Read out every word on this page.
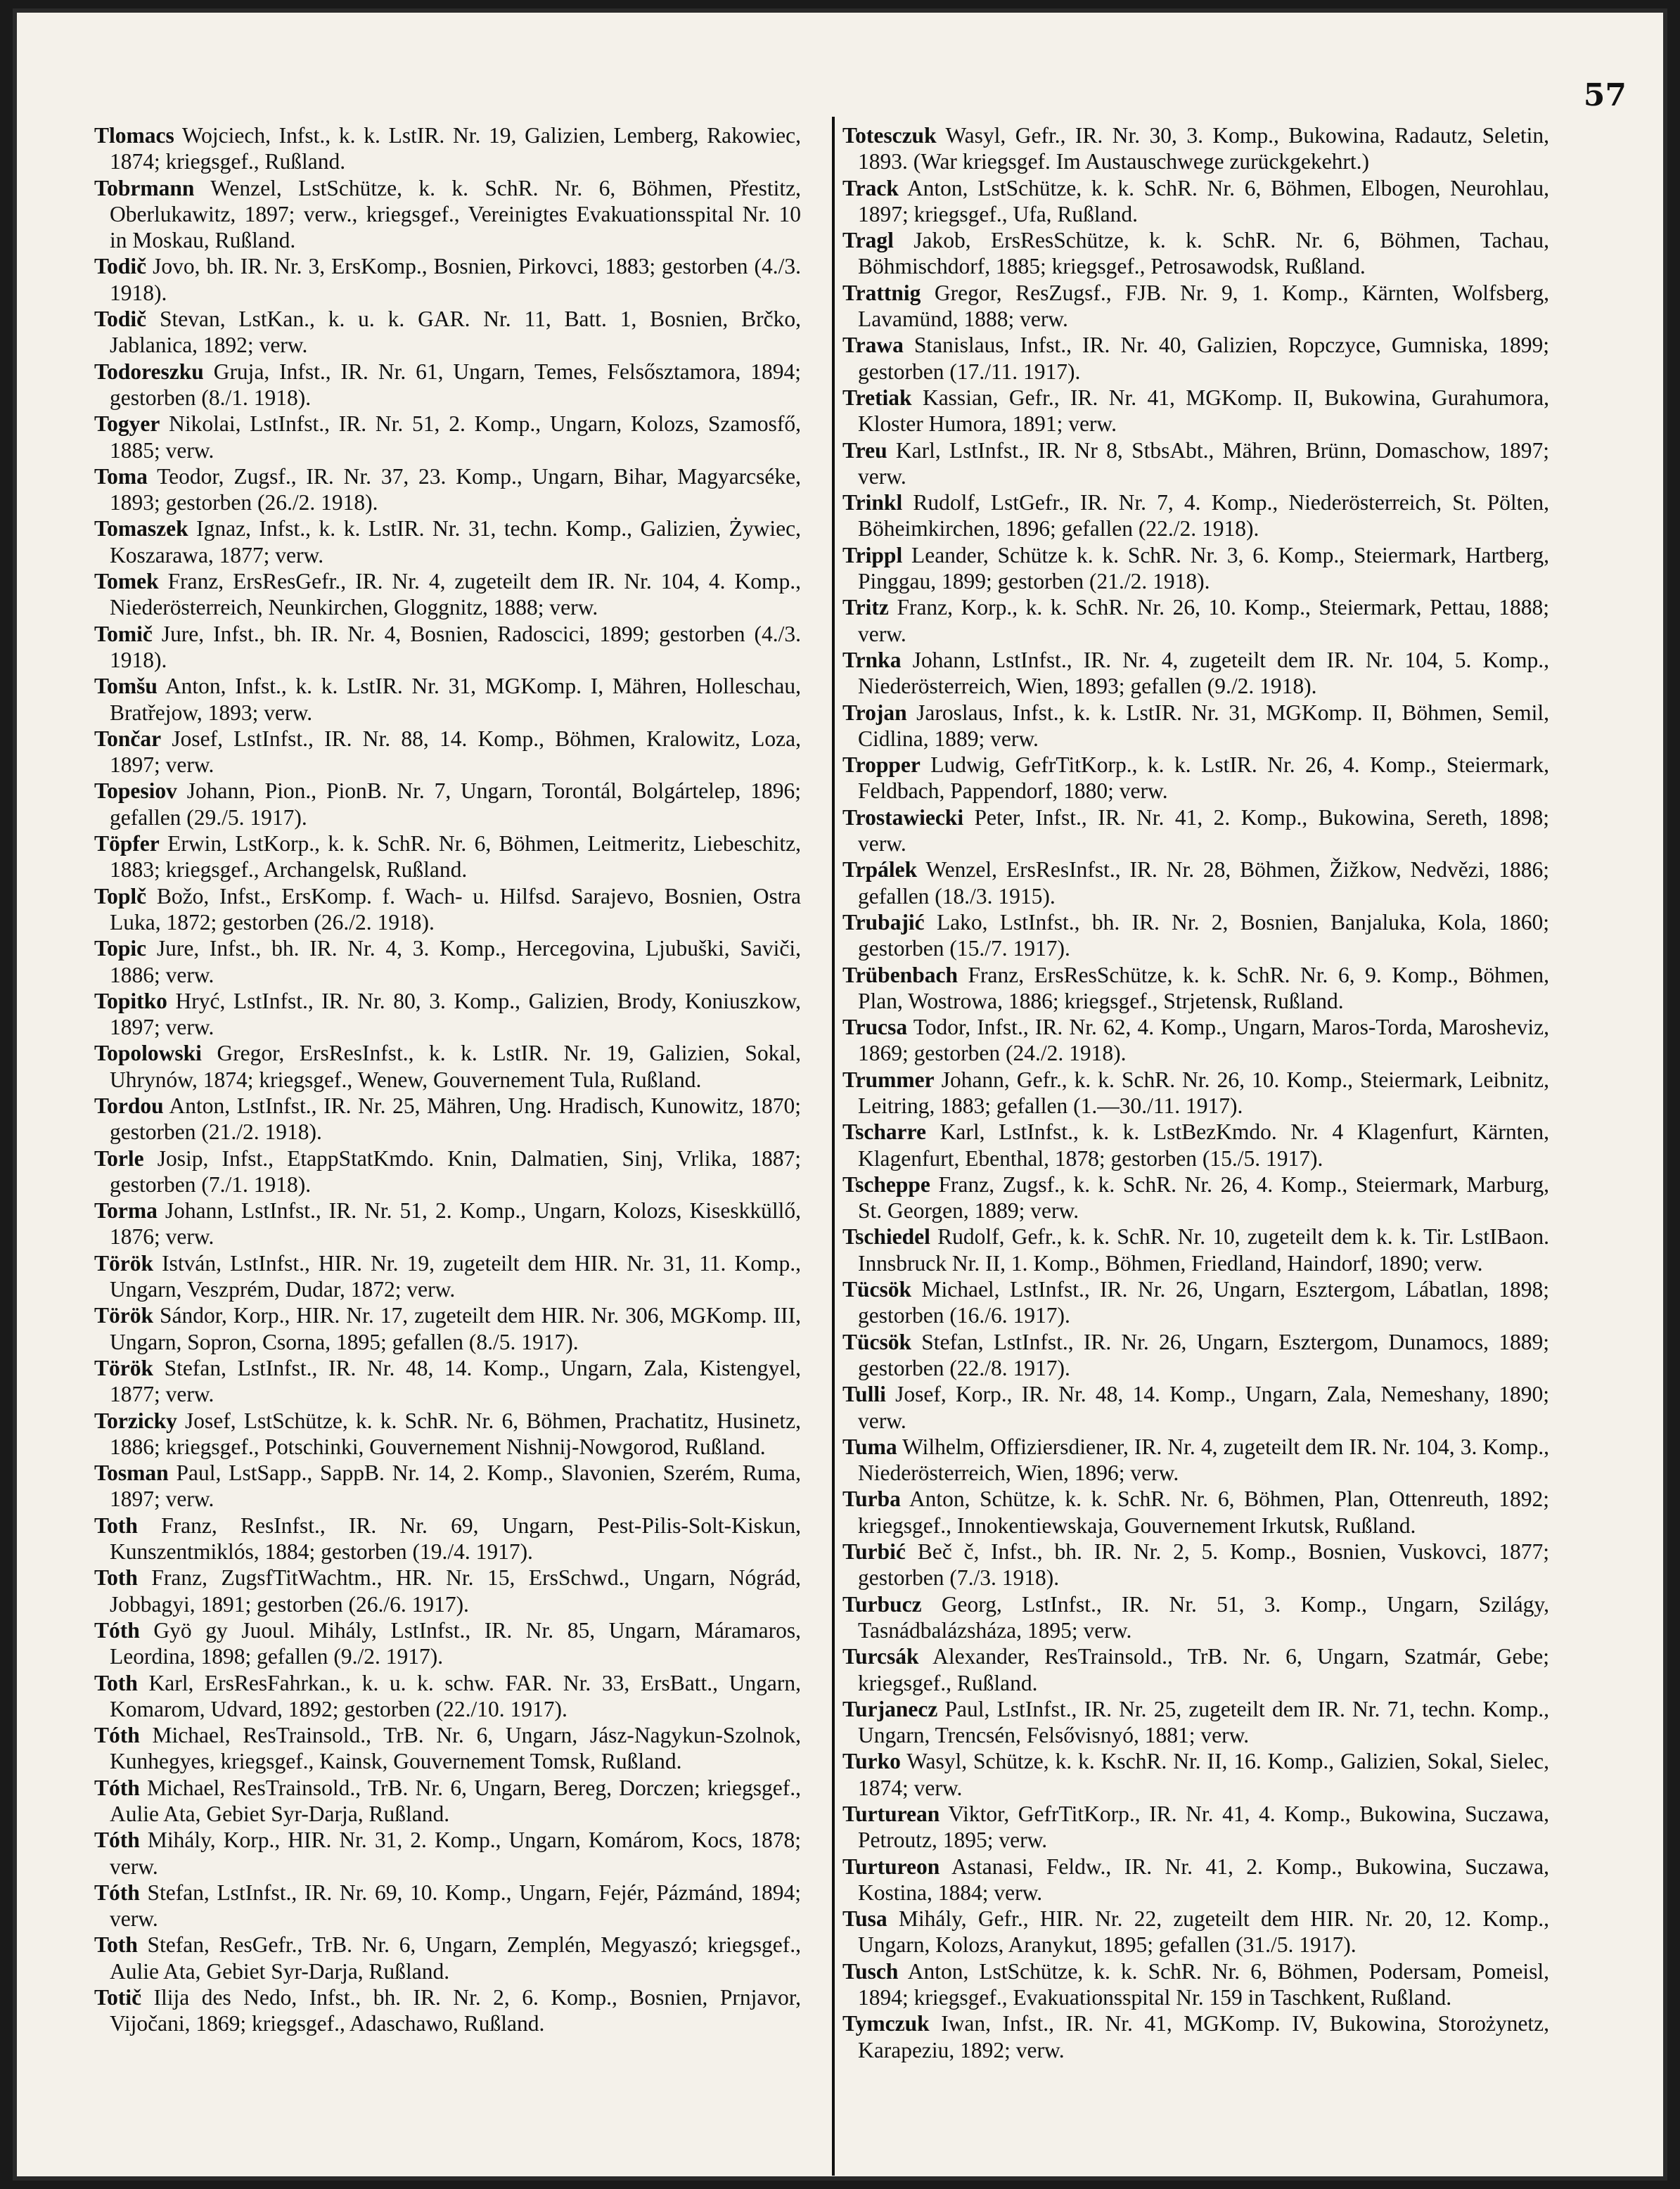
57

Tlomacs Wojciech, Infst., k. k. LstIR. Nr. 19, Galizien, Lemberg, Rakowiec, 1874; kriegsgef., Rußland.

Tobrmann Wenzel, LstSchütze, k. k. SchR. Nr. 6, Böhmen, Přestitz, Oberlukawitz, 1897; verw., kriegsgef., Vereinigtes Evakuationsspital Nr. 10 in Moskau, Rußland.

Todič Jovo, bh. IR. Nr. 3, ErsKomp., Bosnien, Pirkovci, 1883; gestorben (4./3. 1918).

Todič Stevan, LstKan., k. u. k. GAR. Nr. 11, Batt. 1, Bosnien, Brčko, Jablanica, 1892; verw.

Todoreszku Gruja, Infst., IR. Nr. 61, Ungarn, Temes, Felsősztamora, 1894; gestorben (8./1. 1918).

Togyer Nikolai, LstInfst., IR. Nr. 51, 2. Komp., Ungarn, Kolozs, Szamosfő, 1885; verw.

Toma Teodor, Zugsf., IR. Nr. 37, 23. Komp., Ungarn, Bihar, Magyarcséke, 1893; gestorben (26./2. 1918).

Tomaszek Ignaz, Infst., k. k. LstIR. Nr. 31, techn. Komp., Galizien, Żywiec, Koszarawa, 1877; verw.

Tomek Franz, ErsResGefr., IR. Nr. 4, zugeteilt dem IR. Nr. 104, 4. Komp., Niederösterreich, Neunkirchen, Gloggnitz, 1888; verw.

Tomič Jure, Infst., bh. IR. Nr. 4, Bosnien, Radoscici, 1899; gestorben (4./3. 1918).

Tomšu Anton, Infst., k. k. LstIR. Nr. 31, MGKomp. I, Mähren, Holleschau, Bratřejow, 1893; verw.

Tončar Josef, LstInfst., IR. Nr. 88, 14. Komp., Böhmen, Kralowitz, Loza, 1897; verw.

Topesiov Johann, Pion., PionB. Nr. 7, Ungarn, Torontál, Bolgártelep, 1896; gefallen (29./5. 1917).

Töpfer Erwin, LstKorp., k. k. SchR. Nr. 6, Böhmen, Leitmeritz, Liebeschitz, 1883; kriegsgef., Archangelsk, Rußland.

Toplč Božo, Infst., ErsKomp. f. Wach- u. Hilfsd. Sarajevo, Bosnien, Ostra Luka, 1872; gestorben (26./2. 1918).

Topic Jure, Infst., bh. IR. Nr. 4, 3. Komp., Hercegovina, Ljubuški, Saviči, 1886; verw.

Topitko Hryć, LstInfst., IR. Nr. 80, 3. Komp., Galizien, Brody, Koniuszkow, 1897; verw.

Topolowski Gregor, ErsResInfst., k. k. LstIR. Nr. 19, Galizien, Sokal, Uhrynów, 1874; kriegsgef., Wenew, Gouvernement Tula, Rußland.

Tordou Anton, LstInfst., IR. Nr. 25, Mähren, Ung. Hradisch, Kunowitz, 1870; gestorben (21./2. 1918).

Torle Josip, Infst., EtappStatKmdo. Knin, Dalmatien, Sinj, Vrlika, 1887; gestorben (7./1. 1918).

Torma Johann, LstInfst., IR. Nr. 51, 2. Komp., Ungarn, Kolozs, Kiseskküllő, 1876; verw.

Török István, LstInfst., HIR. Nr. 19, zugeteilt dem HIR. Nr. 31, 11. Komp., Ungarn, Veszprém, Dudar, 1872; verw.

Török Sándor, Korp., HIR. Nr. 17, zugeteilt dem HIR. Nr. 306, MGKomp. III, Ungarn, Sopron, Csorna, 1895; gefallen (8./5. 1917).

Török Stefan, LstInfst., IR. Nr. 48, 14. Komp., Ungarn, Zala, Kistengyel, 1877; verw.

Torzicky Josef, LstSchütze, k. k. SchR. Nr. 6, Böhmen, Prachatitz, Husinetz, 1886; kriegsgef., Potschinki, Gouvernement Nishnij-Nowgorod, Rußland.

Tosman Paul, LstSapp., SappB. Nr. 14, 2. Komp., Slavonien, Szerém, Ruma, 1897; verw.

Toth Franz, ResInfst., IR. Nr. 69, Ungarn, Pest-Pilis-Solt-Kiskun, Kunszentmiklós, 1884; gestorben (19./4. 1917).

Toth Franz, ZugsfTitWachtm., HR. Nr. 15, ErsSchwd., Ungarn, Nógrád, Jobbagyi, 1891; gestorben (26./6. 1917).

Tóth Gyö gy Juoul. Mihály, LstInfst., IR. Nr. 85, Ungarn, Máramaros, Leordina, 1898; gefallen (9./2. 1917).

Toth Karl, ErsResFahrkan., k. u. k. schw. FAR. Nr. 33, ErsBatt., Ungarn, Komarom, Udvard, 1892; gestorben (22./10. 1917).

Tóth Michael, ResTrainsold., TrB. Nr. 6, Ungarn, Jász-Nagykun-Szolnok, Kunhegyes, kriegsgef., Kainsk, Gouvernement Tomsk, Rußland.

Tóth Michael, ResTrainsold., TrB. Nr. 6, Ungarn, Bereg, Dorczen; kriegsgef., Aulie Ata, Gebiet Syr-Darja, Rußland.

Tóth Mihály, Korp., HIR. Nr. 31, 2. Komp., Ungarn, Komárom, Kocs, 1878; verw.

Tóth Stefan, LstInfst., IR. Nr. 69, 10. Komp., Ungarn, Fejér, Pázmánd, 1894; verw.

Toth Stefan, ResGefr., TrB. Nr. 6, Ungarn, Zemplén, Megyaszó; kriegsgef., Aulie Ata, Gebiet Syr-Darja, Rußland.

Totič Ilija des Nedo, Infst., bh. IR. Nr. 2, 6. Komp., Bosnien, Prnjavor, Vijočani, 1869; kriegsgef., Adaschawo, Rußland.

Totesczuk Wasyl, Gefr., IR. Nr. 30, 3. Komp., Bukowina, Radautz, Seletin, 1893. (War kriegsgef. Im Austauschwege zurückgekehrt.)

Track Anton, LstSchütze, k. k. SchR. Nr. 6, Böhmen, Elbogen, Neurohlau, 1897; kriegsgef., Ufa, Rußland.

Tragl Jakob, ErsResSchütze, k. k. SchR. Nr. 6, Böhmen, Tachau, Böhmischdorf, 1885; kriegsgef., Petrosawodsk, Rußland.

Trattnig Gregor, ResZugsf., FJB. Nr. 9, 1. Komp., Kärnten, Wolfsberg, Lavamünd, 1888; verw.

Trawa Stanislaus, Infst., IR. Nr. 40, Galizien, Ropczyce, Gumniska, 1899; gestorben (17./11. 1917).

Tretiak Kassian, Gefr., IR. Nr. 41, MGKomp. II, Bukowina, Gurahumora, Kloster Humora, 1891; verw.

Treu Karl, LstInfst., IR. Nr 8, StbsAbt., Mähren, Brünn, Domaschow, 1897; verw.

Trinkl Rudolf, LstGefr., IR. Nr. 7, 4. Komp., Niederösterreich, St. Pölten, Böheimkirchen, 1896; gefallen (22./2. 1918).

Trippl Leander, Schütze k. k. SchR. Nr. 3, 6. Komp., Steiermark, Hartberg, Pinggau, 1899; gestorben (21./2. 1918).

Tritz Franz, Korp., k. k. SchR. Nr. 26, 10. Komp., Steiermark, Pettau, 1888; verw.

Trnka Johann, LstInfst., IR. Nr. 4, zugeteilt dem IR. Nr. 104, 5. Komp., Niederösterreich, Wien, 1893; gefallen (9./2. 1918).

Trojan Jaroslaus, Infst., k. k. LstIR. Nr. 31, MGKomp. II, Böhmen, Semil, Cidlina, 1889; verw.

Tropper Ludwig, GefrTitKorp., k. k. LstIR. Nr. 26, 4. Komp., Steiermark, Feldbach, Pappendorf, 1880; verw.

Trostawiecki Peter, Infst., IR. Nr. 41, 2. Komp., Bukowina, Sereth, 1898; verw.

Trpálek Wenzel, ErsResInfst., IR. Nr. 28, Böhmen, Žižkow, Nedvězi, 1886; gefallen (18./3. 1915).

Trubajić Lako, LstInfst., bh. IR. Nr. 2, Bosnien, Banjaluka, Kola, 1860; gestorben (15./7. 1917).

Trübenbach Franz, ErsResSchütze, k. k. SchR. Nr. 6, 9. Komp., Böhmen, Plan, Wostrowa, 1886; kriegsgef., Strjetensk, Rußland.

Trucsa Todor, Infst., IR. Nr. 62, 4. Komp., Ungarn, Maros-Torda, Marosheviz, 1869; gestorben (24./2. 1918).

Trummer Johann, Gefr., k. k. SchR. Nr. 26, 10. Komp., Steiermark, Leibnitz, Leitring, 1883; gefallen (1.—30./11. 1917).

Tscharre Karl, LstInfst., k. k. LstBezKmdo. Nr. 4 Klagenfurt, Kärnten, Klagenfurt, Ebenthal, 1878; gestorben (15./5. 1917).

Tscheppe Franz, Zugsf., k. k. SchR. Nr. 26, 4. Komp., Steiermark, Marburg, St. Georgen, 1889; verw.

Tschiedel Rudolf, Gefr., k. k. SchR. Nr. 10, zugeteilt dem k. k. Tir. LstIBaon. Innsbruck Nr. II, 1. Komp., Böhmen, Friedland, Haindorf, 1890; verw.

Tücsök Michael, LstInfst., IR. Nr. 26, Ungarn, Esztergom, Lábatlan, 1898; gestorben (16./6. 1917).

Tücsök Stefan, LstInfst., IR. Nr. 26, Ungarn, Esztergom, Dunamocs, 1889; gestorben (22./8. 1917).

Tulli Josef, Korp., IR. Nr. 48, 14. Komp., Ungarn, Zala, Nemeshany, 1890; verw.

Tuma Wilhelm, Offiziersdiener, IR. Nr. 4, zugeteilt dem IR. Nr. 104, 3. Komp., Niederösterreich, Wien, 1896; verw.

Turba Anton, Schütze, k. k. SchR. Nr. 6, Böhmen, Plan, Ottenreuth, 1892; kriegsgef., Innokentiewskaja, Gouvernement Irkutsk, Rußland.

Turbić Beč č, Infst., bh. IR. Nr. 2, 5. Komp., Bosnien, Vuskovci, 1877; gestorben (7./3. 1918).

Turbucz Georg, LstInfst., IR. Nr. 51, 3. Komp., Ungarn, Szilágy, Tasnádbalázsháza, 1895; verw.

Turcsák Alexander, ResTrainsold., TrB. Nr. 6, Ungarn, Szatmár, Gebe; kriegsgef., Rußland.

Turjanecz Paul, LstInfst., IR. Nr. 25, zugeteilt dem IR. Nr. 71, techn. Komp., Ungarn, Trencsén, Felsővisnyó, 1881; verw.

Turko Wasyl, Schütze, k. k. KschR. Nr. II, 16. Komp., Galizien, Sokal, Sielec, 1874; verw.

Turturean Viktor, GefrTitKorp., IR. Nr. 41, 4. Komp., Bukowina, Suczawa, Petroutz, 1895; verw.

Turtureon Astanasi, Feldw., IR. Nr. 41, 2. Komp., Bukowina, Suczawa, Kostina, 1884; verw.

Tusa Mihály, Gefr., HIR. Nr. 22, zugeteilt dem HIR. Nr. 20, 12. Komp., Ungarn, Kolozs, Aranykut, 1895; gefallen (31./5. 1917).

Tusch Anton, LstSchütze, k. k. SchR. Nr. 6, Böhmen, Podersam, Pomeisl, 1894; kriegsgef., Evakuationsspital Nr. 159 in Taschkent, Rußland.

Tymczuk Iwan, Infst., IR. Nr. 41, MGKomp. IV, Bukowina, Storożynetz, Karapeziu, 1892; verw.
